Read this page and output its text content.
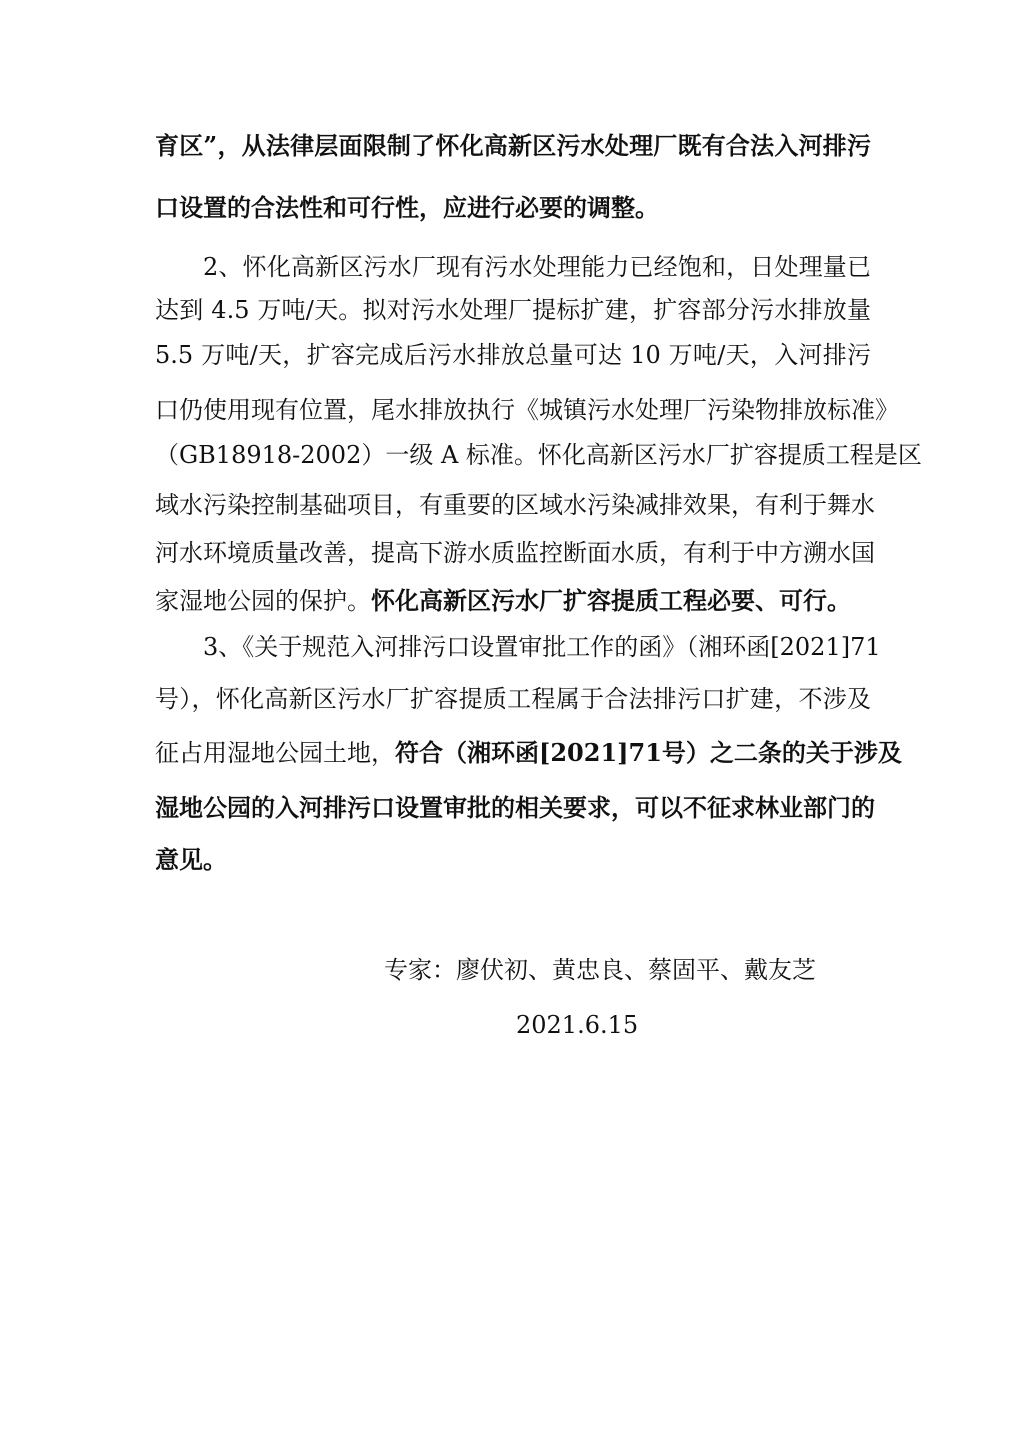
育区”，从法律层面限制了怀化高新区污水处理厂既有合法入河排污
口设置的合法性和可行性，应进行必要的调整。
2、怀化高新区污水厂现有污水处理能力已经饱和，日处理量已
达到 4.5 万吨/天。拟对污水处理厂提标扩建，扩容部分污水排放量
5.5 万吨/天，扩容完成后污水排放总量可达 10 万吨/天，入河排污
口仍使用现有位置，尾水排放执行《城镇污水处理厂污染物排放标准》
（GB18918-2002）一级 A 标准。怀化高新区污水厂扩容提质工程是区
域水污染控制基础项目，有重要的区域水污染减排效果，有利于舞水
河水环境质量改善，提高下游水质监控断面水质，有利于中方溯水国
家湿地公园的保护。怀化高新区污水厂扩容提质工程必要、可行。
3、《关于规范入河排污口设置审批工作的函》（湘环函[2021]71
号），怀化高新区污水厂扩容提质工程属于合法排污口扩建，不涉及
征占用湿地公园土地，符合（湘环函[2021]71号）之二条的关于涉及
湿地公园的入河排污口设置审批的相关要求，可以不征求林业部门的
意见。
专家：廖伏初、黄忠良、蔡固平、戴友芝
2021.6.15
